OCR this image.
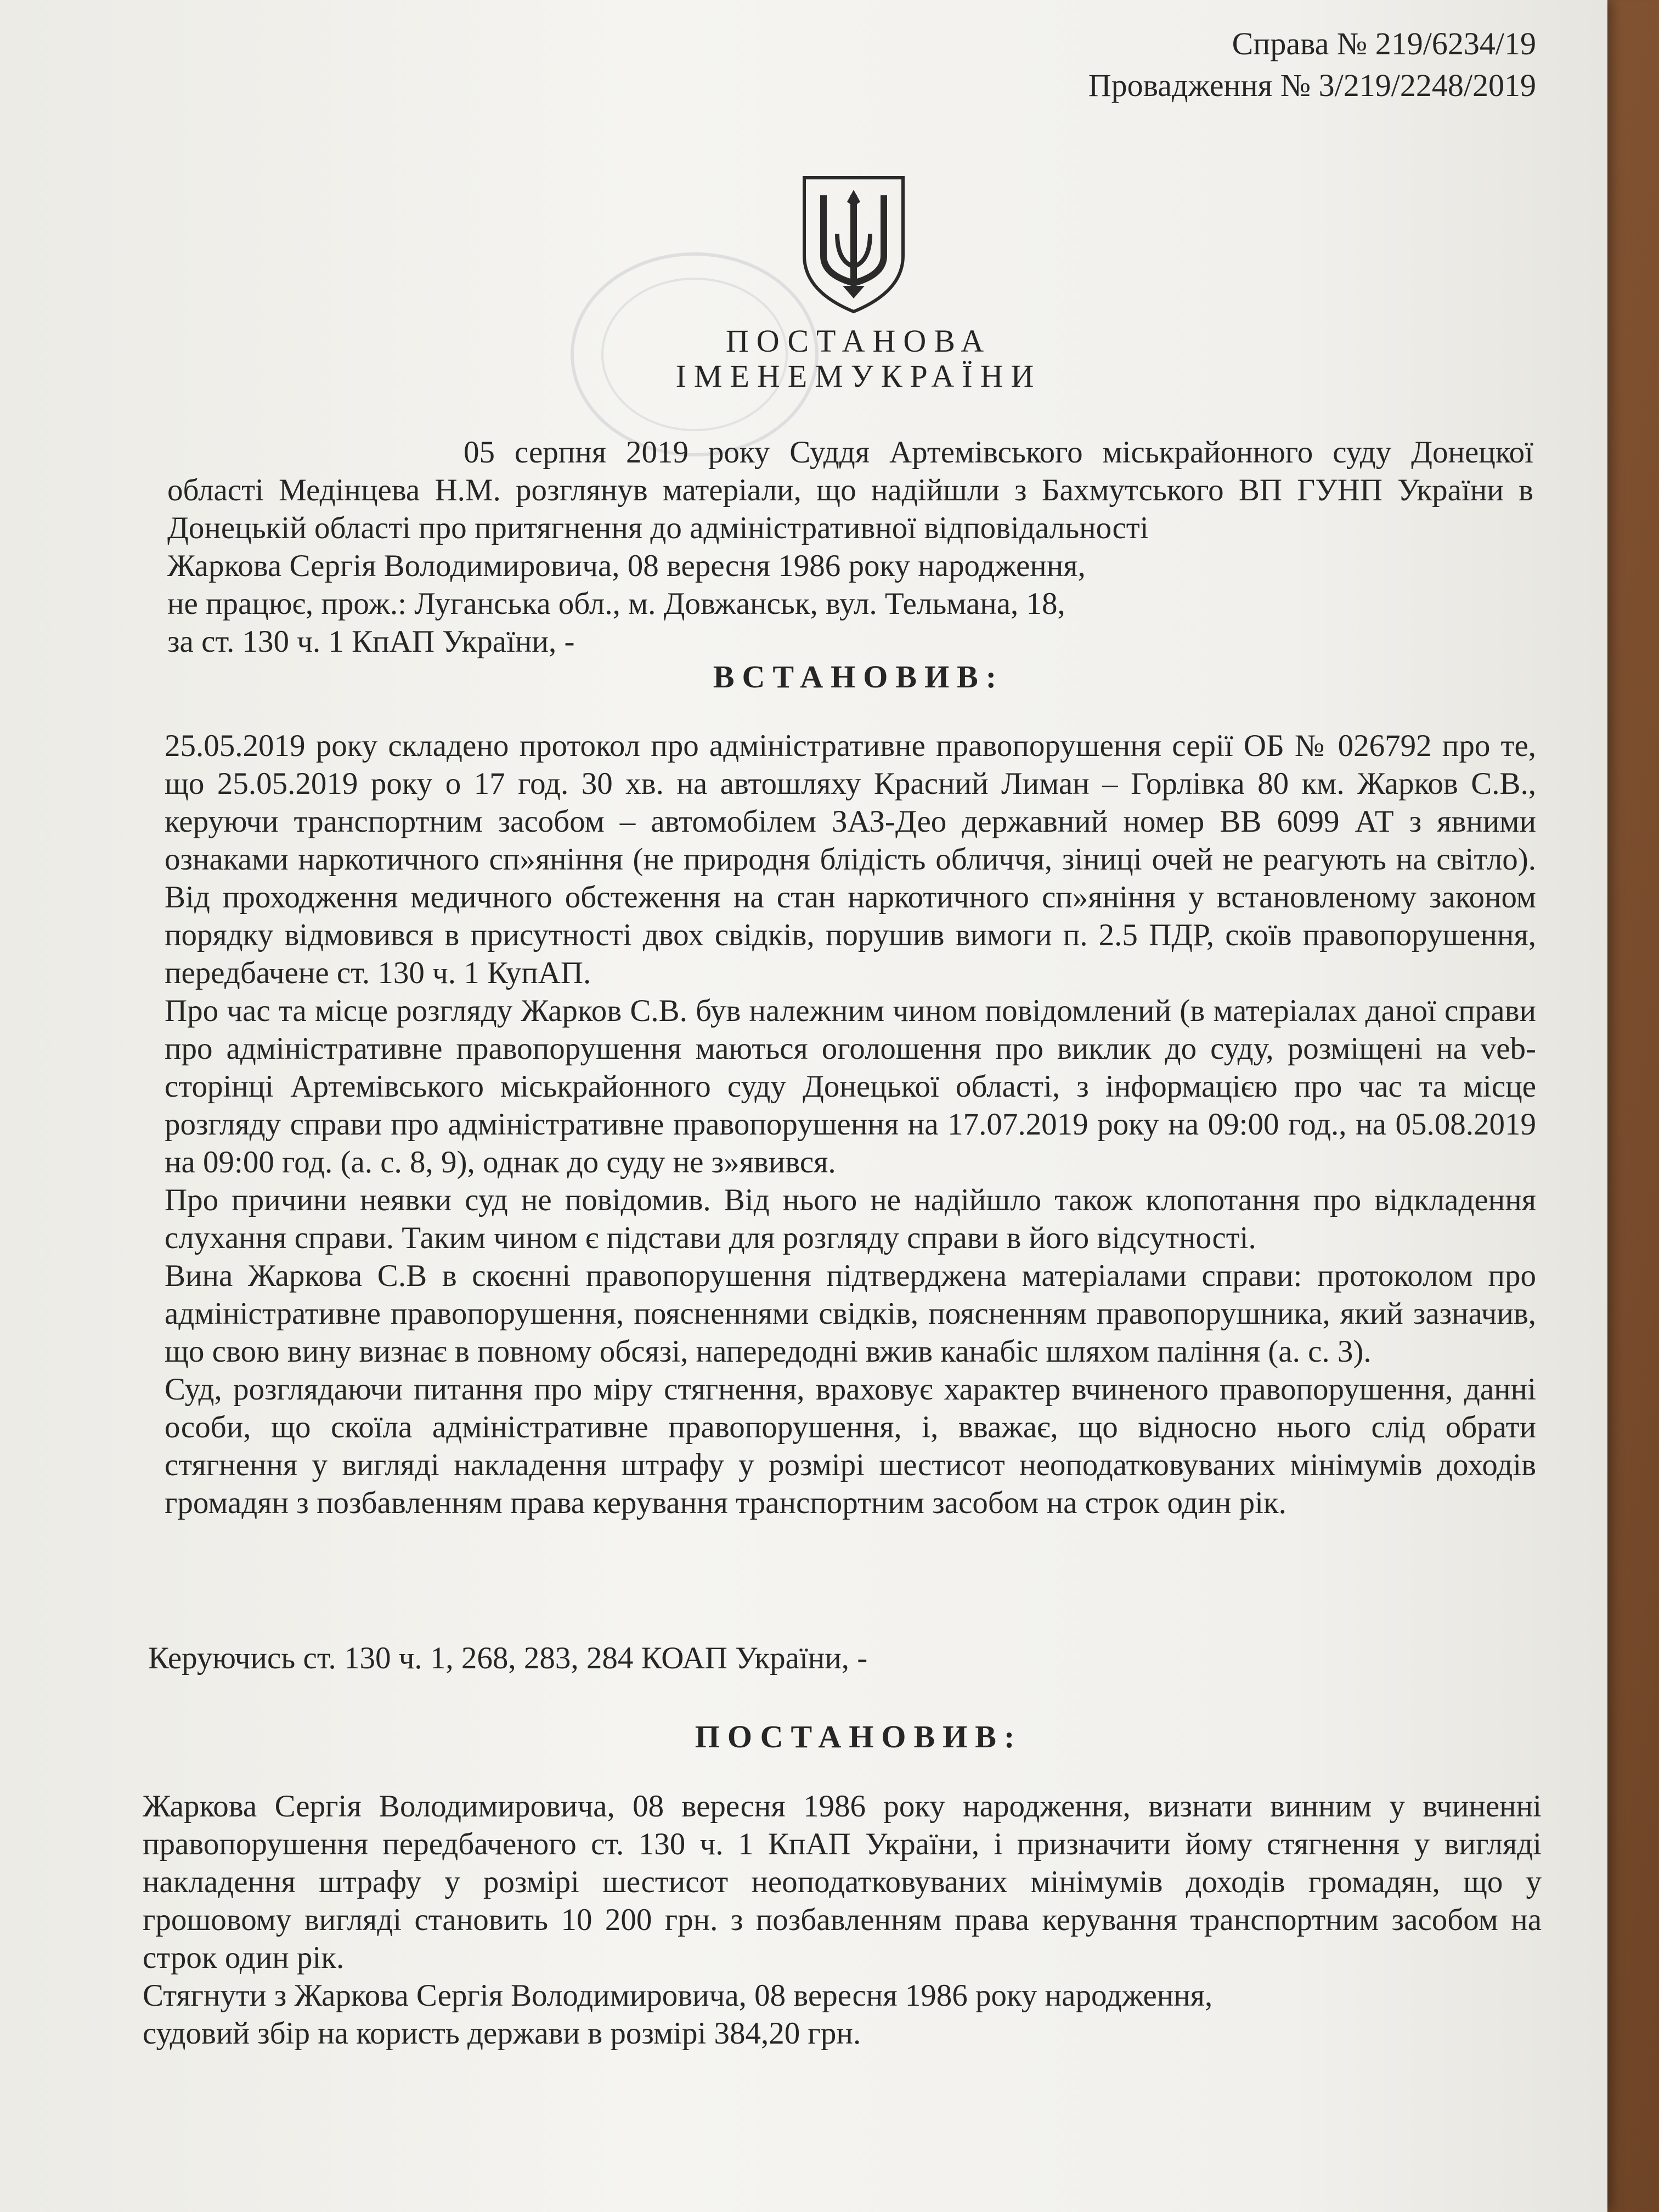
Справа № 219/6234/19
Провадження № 3/219/2248/2019
ПОСТАНОВА
ІМЕНЕМУКРАЇНИ

05 серпня 2019 року Суддя Артемівського міськрайонного суду Донецкої області Медінцева Н.М. розглянув матеріали, що надійшли з Бахмутського ВП ГУНП України в Донецькій області про притягнення до адміністративної відповідальності

Жаркова Сергія Володимировича, 08 вересня 1986 року народження,

не працює, прож.: Луганська обл., м. Довжанськ, вул. Тельмана, 18,

за ст. 130 ч. 1 КпАП України, -

ВСТАНОВИВ:

25.05.2019 року складено протокол про адміністративне правопорушення серії ОБ № 026792 про те, що 25.05.2019 року о 17 год. 30 хв. на автошляху Красний Лиман – Горлівка 80 км. Жарков С.В., керуючи транспортним засобом – автомобілем ЗАЗ-Део державний номер ВВ 6099 АТ з явними ознаками наркотичного сп»яніння (не природня блідість обличчя, зіниці очей не реагують на світло). Від проходження медичного обстеження на стан наркотичного сп»яніння у встановленому законом порядку відмовився в присутності двох свідків, порушив вимоги п. 2.5 ПДР, скоїв правопорушення, передбачене ст. 130 ч. 1 КупАП.

Про час та місце розгляду Жарков С.В. був належним чином повідомлений (в матеріалах даної справи про адміністративне правопорушення маються оголошення про виклик до суду, розміщені на veb-сторінці Артемівського міськрайонного суду Донецької області, з інформацією про час та місце розгляду справи про адміністративне правопорушення на 17.07.2019 року на 09:00 год., на 05.08.2019 на 09:00 год. (а. с. 8, 9), однак до суду не з»явився.

Про причини неявки суд не повідомив. Від нього не надійшло також клопотання про відкладення слухання справи. Таким чином є підстави для розгляду справи в його відсутності.

Вина Жаркова С.В в скоєнні правопорушення підтверджена матеріалами справи: протоколом про адміністративне правопорушення, поясненнями свідків, поясненням правопорушника, який зазначив, що свою вину визнає в повному обсязі, напередодні вжив канабіс шляхом паління (а. с. 3).

Суд, розглядаючи питання про міру стягнення, враховує характер вчиненого правопорушення, данні особи, що скоїла адміністративне правопорушення, і, вважає, що відносно нього слід обрати стягнення у вигляді накладення штрафу у розмірі шестисот неоподатковуваних мінімумів доходів громадян з позбавленням права керування транспортним засобом на строк один рік.

Керуючись ст. 130 ч. 1, 268, 283, 284 КОАП України, -
ПОСТАНОВИВ:

Жаркова Сергія Володимировича, 08 вересня 1986 року народження, визнати винним у вчиненні правопорушення передбаченого ст. 130 ч. 1 КпАП України, і призначити йому стягнення у вигляді накладення штрафу у розмірі шестисот неоподатковуваних мінімумів доходів громадян, що у грошовому вигляді становить 10 200 грн. з позбавленням права керування транспортним засобом на строк один рік.

Стягнути з Жаркова Сергія Володимировича, 08 вересня 1986 року народження,

судовий збір на користь держави в розмірі 384,20 грн.
